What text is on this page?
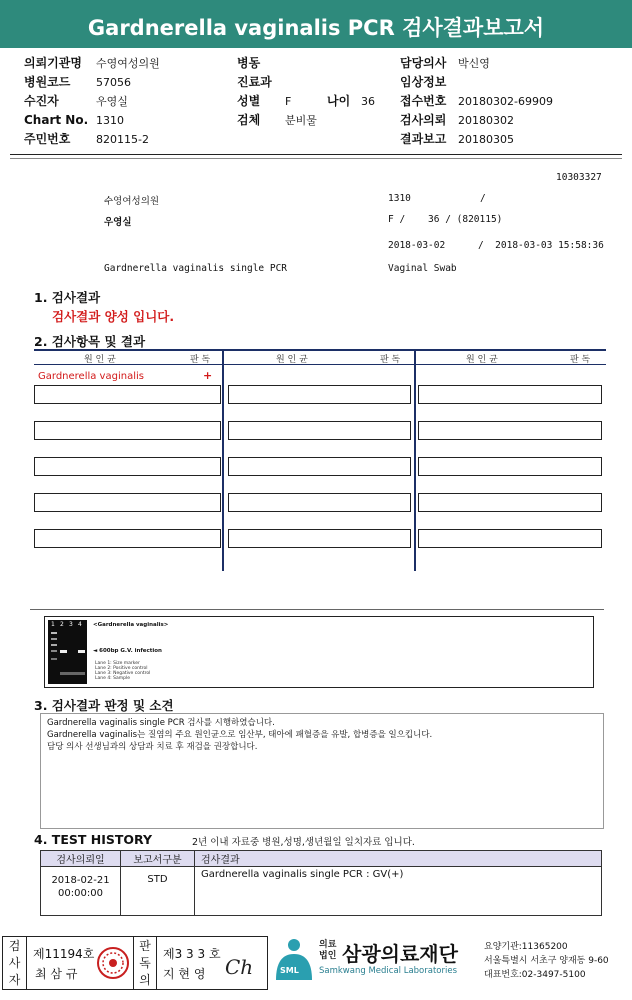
Gardnerella vaginalis PCR 검사결과보고서
의뢰기관명 수영여성의원
병원코드 57056
수진자	우영실
Chart No. 1310
주민번호 820115-2
병동
진료과
성별 F	나이 36
검체 분비물
담당의사 박신영
임상정보
접수번호 20180302-69909
검사의뢰 20180302
결과보고 20180305
10303327
수영여성의원	1310	/
우영실	F /    36 / (820115)
2018-03-02	/  2018-03-03 15:58:36
Gardnerella vaginalis single PCR	Vaginal Swab
1. 검사결과
검사결과 양성 입니다.
2. 검사항목 및 결과
원 인 균	판 독	원 인 균	판 독	원 인 균	판 독
Gardnerella vaginalis	+
1 2 3 4 <Gardnerella vaginalis>
◄ 600bp G.V. infection
Lane 1: Size marker
Lane 2: Positive control
Lane 3: Negative control
Lane 4: Sample
3. 검사결과 판정 및 소견
Gardnerella vaginalis single PCR 검사를 시행하였습니다.
Gardnerella vaginalis는 질염의 주요 원인균으로 임산부, 태아에 패혈증을 유발, 합병증을 일으킵니다.
담당 의사 선생님과의 상담과 치료 후 재검을 권장합니다.
4. TEST HISTORY	2년 이내 자료중 병원,성명,생년월일 일치자료 입니다.
검사의뢰일	보고서구분	검사결과

2018-02-21
00:00:00	STD	Gardnerella vaginalis single PCR : GV(+)
검
사
자
제11194호
최 삼 규
판
독
의
제3 3 3 호
지 현 영 Ch	SML
의료
법인 삼광의료재단
Samkwang Medical Laboratories
요양기관:11365200
서울특별시 서초구 양재동 9-60
대표번호:02-3497-5100
